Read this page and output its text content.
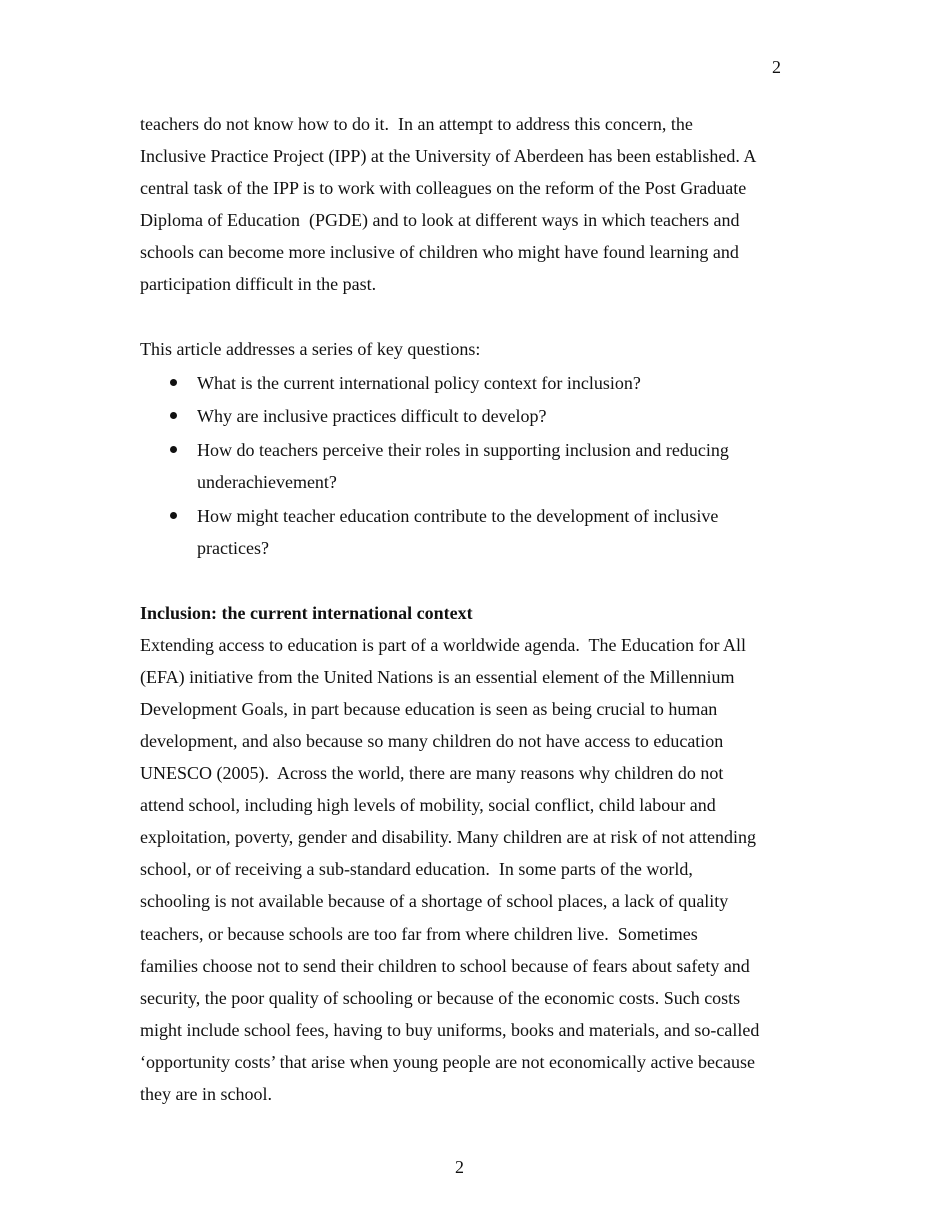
2
teachers do not know how to do it.  In an attempt to address this concern, the
Inclusive Practice Project (IPP) at the University of Aberdeen has been established. A
central task of the IPP is to work with colleagues on the reform of the Post Graduate
Diploma of Education  (PGDE) and to look at different ways in which teachers and
schools can become more inclusive of children who might have found learning and
participation difficult in the past.
This article addresses a series of key questions:
What is the current international policy context for inclusion?
Why are inclusive practices difficult to develop?
How do teachers perceive their roles in supporting inclusion and reducing
underachievement?
How might teacher education contribute to the development of inclusive
practices?
Inclusion: the current international context
Extending access to education is part of a worldwide agenda.  The Education for All
(EFA) initiative from the United Nations is an essential element of the Millennium
Development Goals, in part because education is seen as being crucial to human
development, and also because so many children do not have access to education
UNESCO (2005).  Across the world, there are many reasons why children do not
attend school, including high levels of mobility, social conflict, child labour and
exploitation, poverty, gender and disability. Many children are at risk of not attending
school, or of receiving a sub-standard education.  In some parts of the world,
schooling is not available because of a shortage of school places, a lack of quality
teachers, or because schools are too far from where children live.  Sometimes
families choose not to send their children to school because of fears about safety and
security, the poor quality of schooling or because of the economic costs. Such costs
might include school fees, having to buy uniforms, books and materials, and so-called
‘opportunity costs’ that arise when young people are not economically active because
they are in school.
2
